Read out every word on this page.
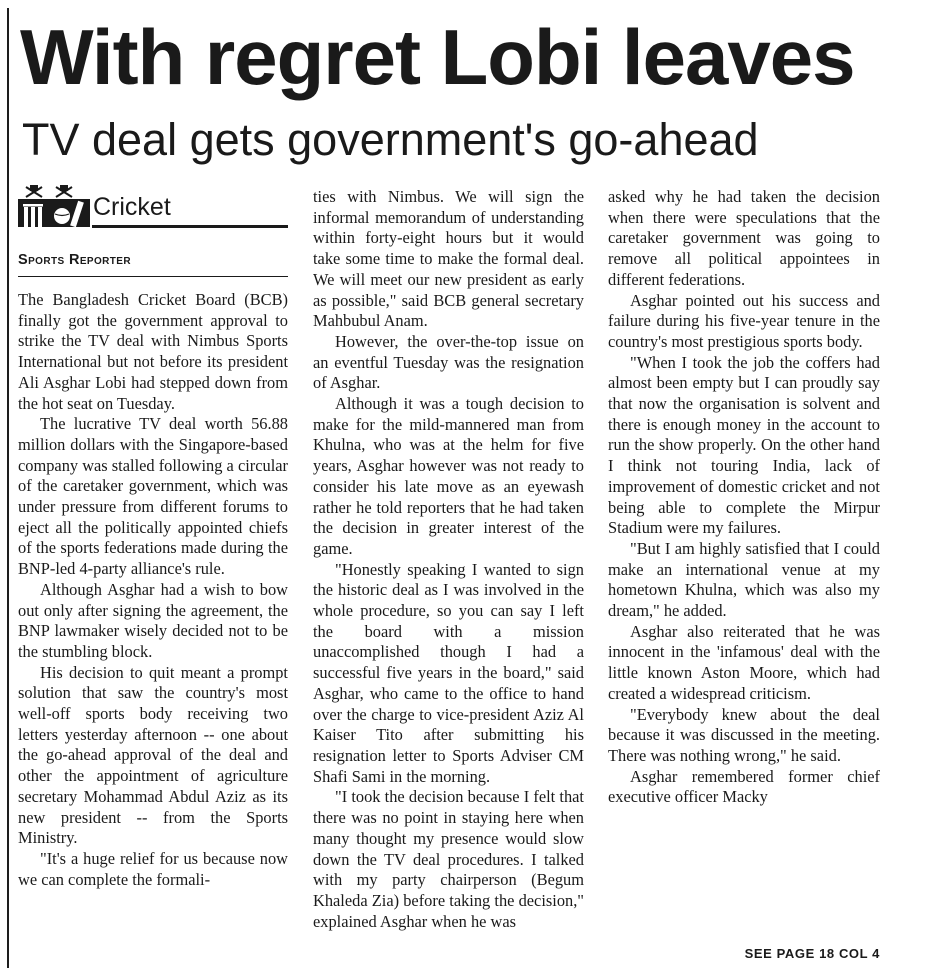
With regret Lobi leaves
TV deal gets government's go-ahead
Cricket
Sports Reporter

The Bangladesh Cricket Board (BCB) finally got the government approval to strike the TV deal with Nimbus Sports International but not before its president Ali Asghar Lobi had stepped down from the hot seat on Tuesday.

The lucrative TV deal worth 56.88 million dollars with the Singapore-based company was stalled following a circular of the caretaker government, which was under pressure from different forums to eject all the politically appointed chiefs of the sports federations made during the BNP-led 4-party alliance's rule.

Although Asghar had a wish to bow out only after signing the agreement, the BNP lawmaker wisely decided not to be the stumbling block.

His decision to quit meant a prompt solution that saw the country's most well-off sports body receiving two letters yesterday afternoon -- one about the go-ahead approval of the deal and other the appointment of agriculture secretary Mohammad Abdul Aziz as its new president -- from the Sports Ministry.

"It's a huge relief for us because now we can complete the formali-

ties with Nimbus. We will sign the informal memorandum of understanding within forty-eight hours but it would take some time to make the formal deal. We will meet our new president as early as possible," said BCB general secretary Mahbubul Anam.

However, the over-the-top issue on an eventful Tuesday was the resignation of Asghar.

Although it was a tough decision to make for the mild-mannered man from Khulna, who was at the helm for five years, Asghar however was not ready to consider his late move as an eyewash rather he told reporters that he had taken the decision in greater interest of the game.

"Honestly speaking I wanted to sign the historic deal as I was involved in the whole procedure, so you can say I left the board with a mission unaccomplished though I had a successful five years in the board," said Asghar, who came to the office to hand over the charge to vice-president Aziz Al Kaiser Tito after submitting his resignation letter to Sports Adviser CM Shafi Sami in the morning.

"I took the decision because I felt that there was no point in staying here when many thought my presence would slow down the TV deal procedures. I talked with my party chairperson (Begum Khaleda Zia) before taking the decision," explained Asghar when he was

asked why he had taken the decision when there were speculations that the caretaker government was going to remove all political appointees in different federations.

Asghar pointed out his success and failure during his five-year tenure in the country's most prestigious sports body.

"When I took the job the coffers had almost been empty but I can proudly say that now the organisation is solvent and there is enough money in the account to run the show properly. On the other hand I think not touring India, lack of improvement of domestic cricket and not being able to complete the Mirpur Stadium were my failures.

"But I am highly satisfied that I could make an international venue at my hometown Khulna, which was also my dream," he added.

Asghar also reiterated that he was innocent in the 'infamous' deal with the little known Aston Moore, which had created a widespread criticism.

"Everybody knew about the deal because it was discussed in the meeting. There was nothing wrong," he said.

Asghar remembered former chief executive officer Macky

SEE PAGE 18 COL 4
